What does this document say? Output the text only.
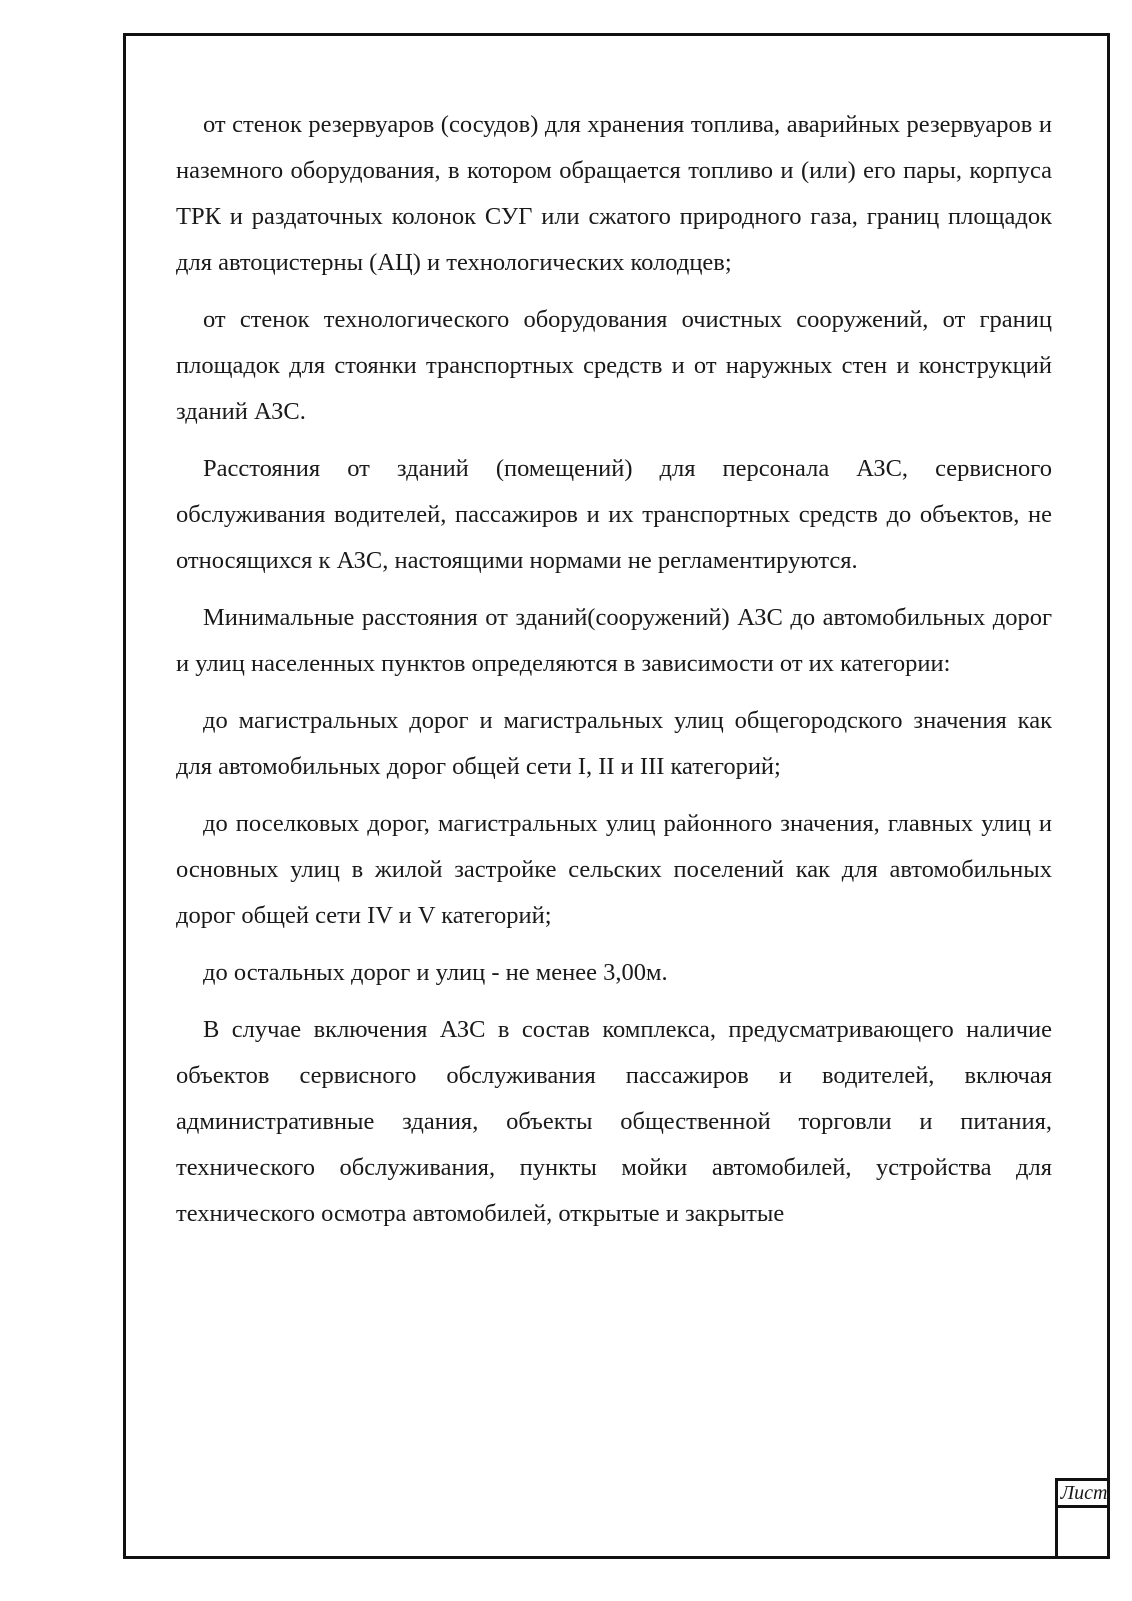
от стенок резервуаров (сосудов) для хранения топлива, аварийных резервуаров и наземного оборудования, в котором обращается топливо и (или) его пары, корпуса ТРК и раздаточных колонок СУГ или сжатого природного газа, границ площадок для автоцистерны (АЦ) и технологических колодцев;

от стенок технологического оборудования очистных сооружений, от границ площадок для стоянки транспортных средств и от наружных стен и конструкций зданий АЗС.

Расстояния от зданий (помещений) для персонала АЗС, сервисного обслуживания водителей, пассажиров и их транспортных средств до объектов, не относящихся к АЗС, настоящими нормами не регламентируются.

Минимальные расстояния от зданий(сооружений) АЗС до автомобильных дорог и улиц населенных пунктов определяются в зависимости от их категории:

до магистральных дорог и магистральных улиц общегородского значения как для автомобильных дорог общей сети I, II и III категорий;

до поселковых дорог, магистральных улиц районного значения, главных улиц и основных улиц в жилой застройке сельских поселений как для автомобильных дорог общей сети IV и V категорий;

до остальных дорог и улиц - не менее 3,00м.

В случае включения АЗС в состав комплекса, предусматривающего наличие объектов сервисного обслуживания пассажиров и водителей, включая административные здания, объекты общественной торговли и питания, технического обслуживания, пункты мойки автомобилей, устройства для технического осмотра автомобилей, открытые и закрытые

Лист
